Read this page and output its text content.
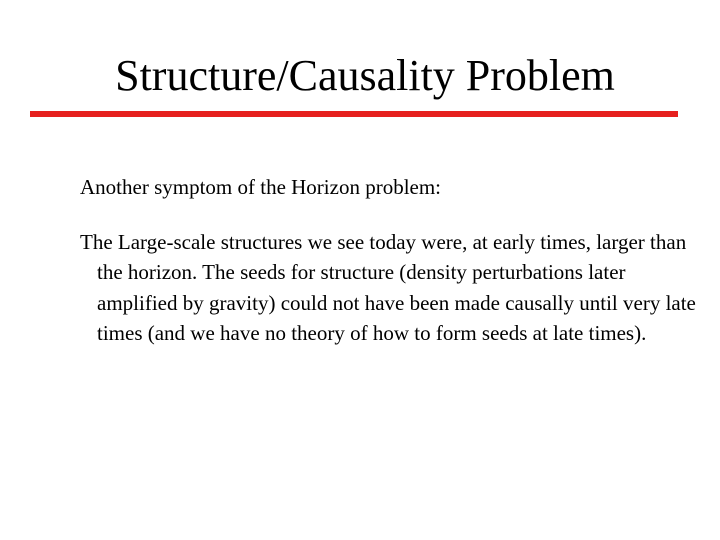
Structure/Causality Problem

Another symptom of the Horizon problem:

The Large-scale structures we see today were, at early times, larger than the horizon. The seeds for structure (density perturbations later amplified by gravity) could not have been made causally until very late times (and we have no theory of how to form seeds at late times).
